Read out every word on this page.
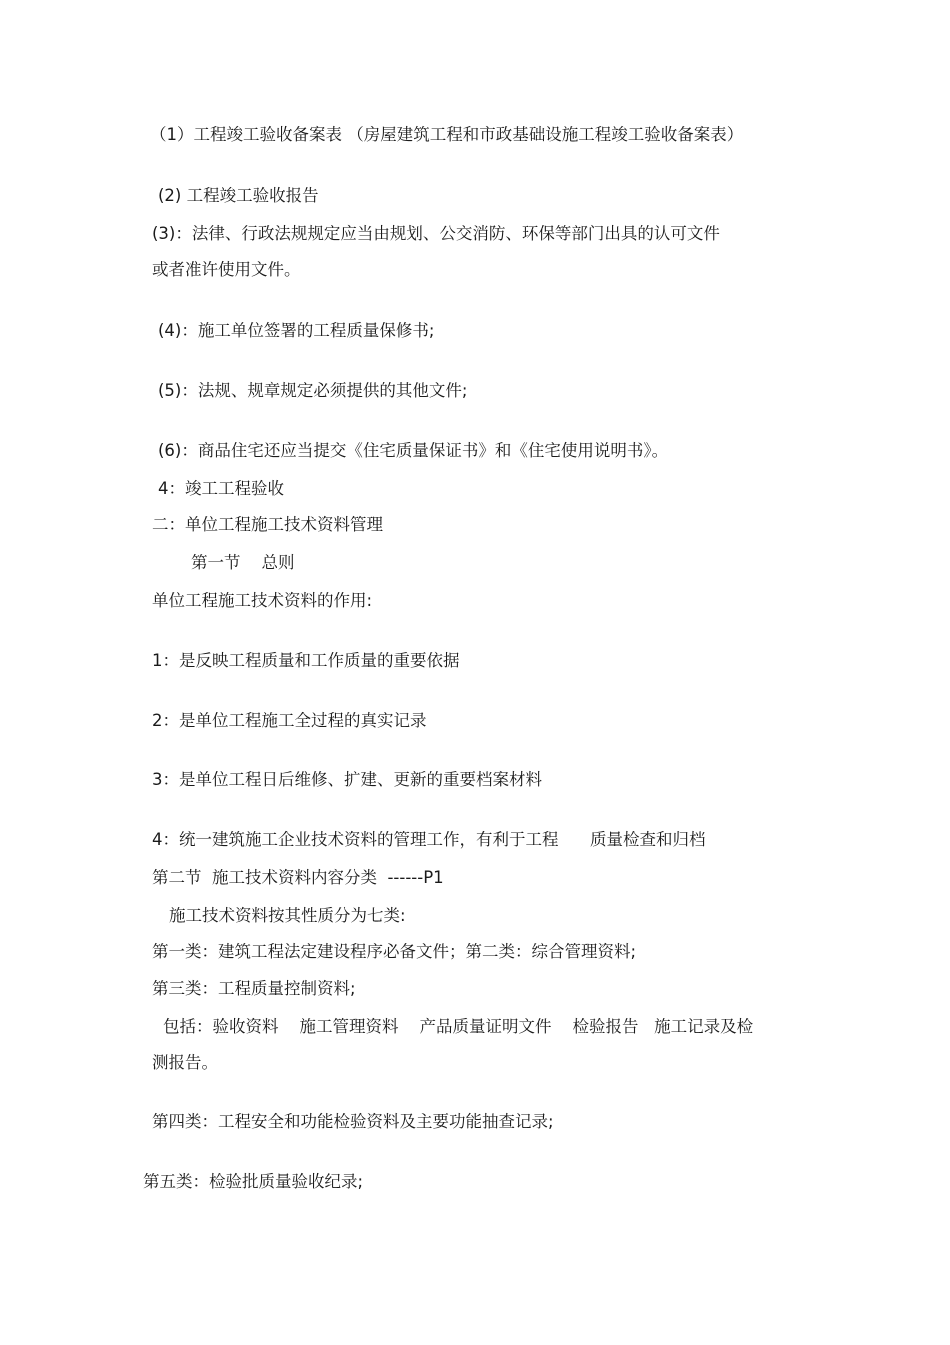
（1）工程竣工验收备案表 （房屋建筑工程和市政基础设施工程竣工验收备案表）

(2) 工程竣工验收报告

(3)：法律、行政法规规定应当由规划、公交消防、环保等部门出具的认可文件

或者准许使用文件。

(4)：施工单位签署的工程质量保修书;

(5)：法规、规章规定必须提供的其他文件;

(6)：商品住宅还应当提交《住宅质量保证书》和《住宅使用说明书》。

4：竣工工程验收

二：单位工程施工技术资料管理

第一节    总则

单位工程施工技术资料的作用:

1：是反映工程质量和工作质量的重要依据

2：是单位工程施工全过程的真实记录

3：是单位工程日后维修、扩建、更新的重要档案材料

4：统一建筑施工企业技术资料的管理工作，有利于工程      质量检查和归档

第二节  施工技术资料内容分类  ------P1

施工技术资料按其性质分为七类:

第一类：建筑工程法定建设程序必备文件；第二类：综合管理资料;

第三类：工程质量控制资料;

包括：验收资料    施工管理资料    产品质量证明文件    检验报告   施工记录及检

测报告。

第四类：工程安全和功能检验资料及主要功能抽查记录;

第五类：检验批质量验收纪录;
